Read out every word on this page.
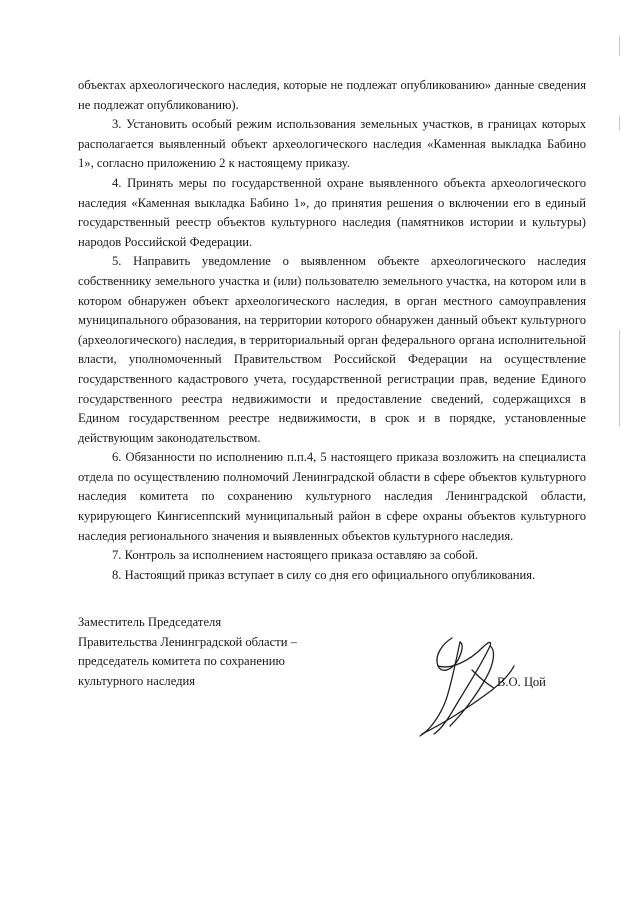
объектах археологического наследия, которые не подлежат опубликованию» данные сведения не подлежат опубликованию).

3. Установить особый режим использования земельных участков, в границах которых располагается выявленный объект археологического наследия «Каменная выкладка Бабино 1», согласно приложению 2 к настоящему приказу.

4. Принять меры по государственной охране выявленного объекта археологического наследия «Каменная выкладка Бабино 1», до принятия решения о включении его в единый государственный реестр объектов культурного наследия (памятников истории и культуры) народов Российской Федерации.

5. Направить уведомление о выявленном объекте археологического наследия собственнику земельного участка и (или) пользователю земельного участка, на котором или в котором обнаружен объект археологического наследия, в орган местного самоуправления муниципального образования, на территории которого обнаружен данный объект культурного (археологического) наследия, в территориальный орган федерального органа исполнительной власти, уполномоченный Правительством Российской Федерации на осуществление государственного кадастрового учета, государственной регистрации прав, ведение Единого государственного реестра недвижимости и предоставление сведений, содержащихся в Едином государственном реестре недвижимости, в срок и в порядке, установленные действующим законодательством.

6. Обязанности по исполнению п.п.4, 5 настоящего приказа возложить на специалиста отдела по осуществлению полномочий Ленинградской области в сфере объектов культурного наследия комитета по сохранению культурного наследия Ленинградской области, курирующего Кингисеппский муниципальный район в сфере охраны объектов культурного наследия регионального значения и выявленных объектов культурного наследия.

7. Контроль за исполнением настоящего приказа оставляю за собой.

8. Настоящий приказ вступает в силу со дня его официального опубликования.

Заместитель Председателя
Правительства Ленинградской области –
председатель комитета по сохранению
культурного наследия	В.О. Цой
